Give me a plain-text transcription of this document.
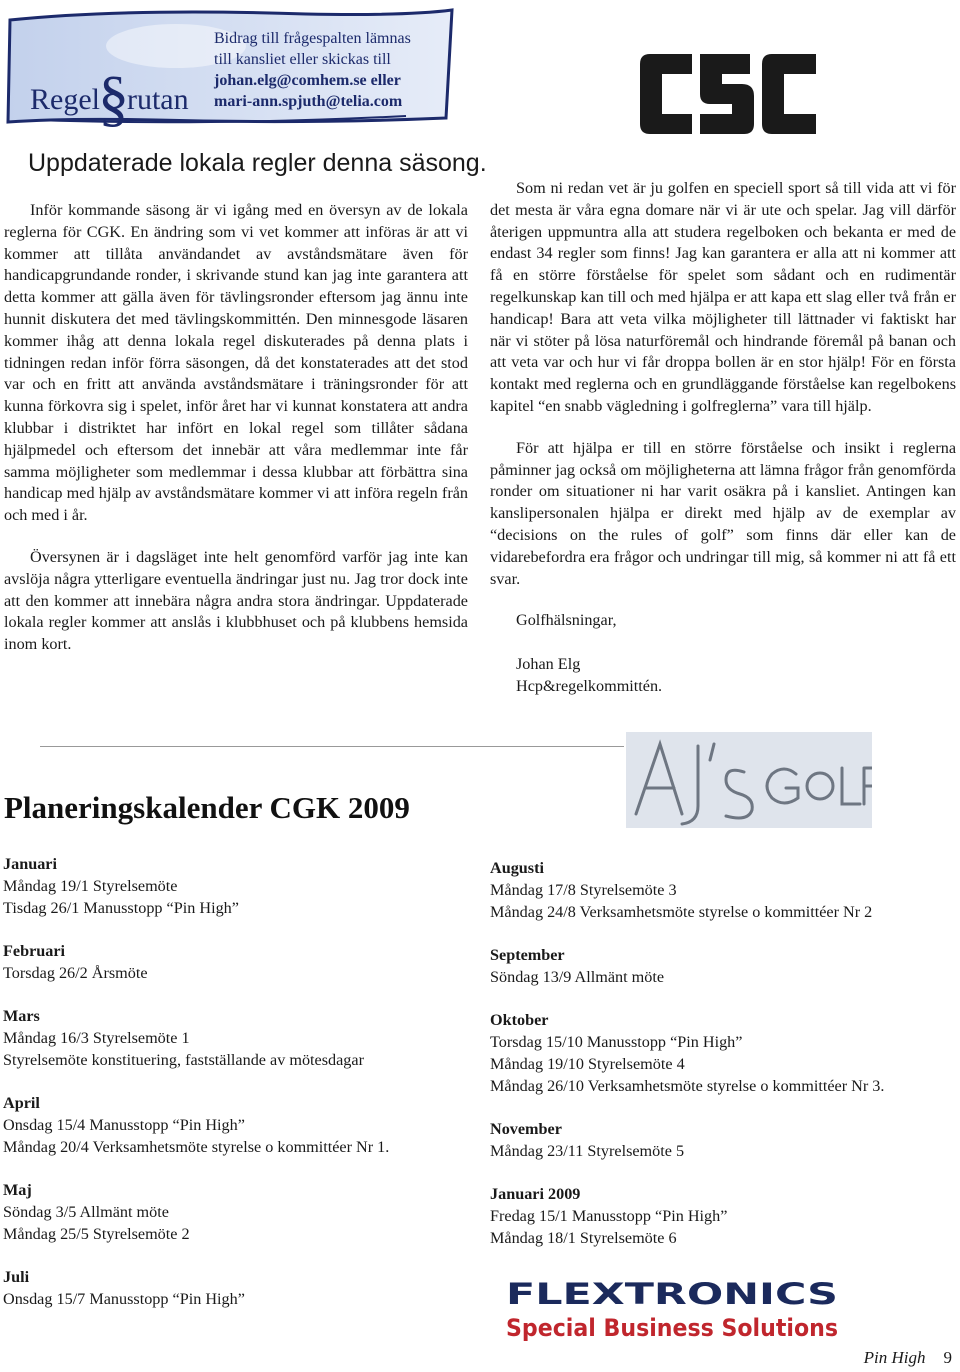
Regel§rutan
Bidrag till frågespalten lämnas
till kansliet eller skickas till
johan.elg@comhem.se eller
mari-ann.spjuth@telia.com
Uppdaterade lokala regler denna säsong.

Inför kommande säsong är vi igång med en översyn av de lokala reglerna för CGK. En ändring som vi vet kommer att införas är att vi kommer att tillåta användandet av avståndsmätare även för handicapgrundande ronder, i skrivande stund kan jag inte garantera att detta kommer att gälla även för tävlingsronder eftersom jag ännu inte hunnit diskutera det med tävlingskommittén. Den minnesgode läsaren kommer ihåg att denna lokala regel diskuterades på denna plats i tidningen redan inför förra säsongen, då det konstaterades att det stod var och en fritt att använda avståndsmätare i träningsronder för att kunna förkovra sig i spelet, inför året har vi kunnat konstatera att andra klubbar i distriktet har infört en lokal regel som tillåter sådana hjälpmedel och eftersom det innebär att våra medlemmar inte får samma möjligheter som medlemmar i dessa klubbar att förbättra sina handicap med hjälp av avståndsmätare kommer vi att införa regeln från och med i år.

Översynen är i dagsläget inte helt genomförd varför jag inte kan avslöja några ytterligare eventuella ändringar just nu. Jag tror dock inte att den kommer att innebära några andra stora ändringar. Uppdaterade lokala regler kommer att anslås i klubbhuset och på klubbens hemsida inom kort.

Som ni redan vet är ju golfen en speciell sport så till vida att vi för det mesta är våra egna domare när vi är ute och spelar. Jag vill därför återigen uppmuntra alla att studera regelboken och bekanta er med de endast 34 regler som finns! Jag kan garantera er alla att ni kommer att få en större förståelse för spelet som sådant och en rudimentär regelkunskap kan till och med hjälpa er att kapa ett slag eller två från er handicap! Bara att veta vilka möjligheter till lättnader vi faktiskt har när vi stöter på lösa naturföremål och hindrande föremål på banan och att veta var och hur vi får droppa bollen är en stor hjälp! För en första kontakt med reglerna och en grundläggande förståelse kan regelbokens kapitel “en snabb vägledning i golfreglerna” vara till hjälp.

För att hjälpa er till en större förståelse och insikt i reglerna påminner jag också om möjligheterna att lämna frågor från genomförda ronder om situationer ni har varit osäkra på i kansliet. Antingen kan kanslipersonalen hjälpa er direkt med hjälp av de exemplar av “decisions on the rules of golf” som finns där eller kan de vidarebefordra era frågor och undringar till mig, så kommer ni att få ett svar.

Golfhälsningar,

Johan Elg

Hcp&regelkommittén.

Planeringskalender CGK 2009
Januari
Måndag 19/1 Styrelsemöte
Tisdag 26/1 Manusstopp “Pin High”
Februari
Torsdag 26/2 Årsmöte
Mars
Måndag 16/3 Styrelsemöte 1
Styrelsemöte konstituering, fastställande av mötesdagar
April
Onsdag 15/4 Manusstopp “Pin High”
Måndag 20/4 Verksamhetsmöte styrelse o kommittéer Nr 1.
Maj
Söndag 3/5 Allmänt möte
Måndag 25/5 Styrelsemöte 2
Juli
Onsdag 15/7 Manusstopp “Pin High”
Augusti
Måndag 17/8 Styrelsemöte 3
Måndag 24/8 Verksamhetsmöte styrelse o kommittéer Nr 2
September
Söndag 13/9 Allmänt möte
Oktober
Torsdag 15/10 Manusstopp “Pin High”
Måndag 19/10 Styrelsemöte 4
Måndag 26/10 Verksamhetsmöte styrelse o kommittéer Nr 3.
November
Måndag 23/11 Styrelsemöte 5
Januari 2009
Fredag 15/1 Manusstopp “Pin High”
Måndag 18/1 Styrelsemöte 6
FLEXTRONICS
Special Business Solutions
Pin High 9
